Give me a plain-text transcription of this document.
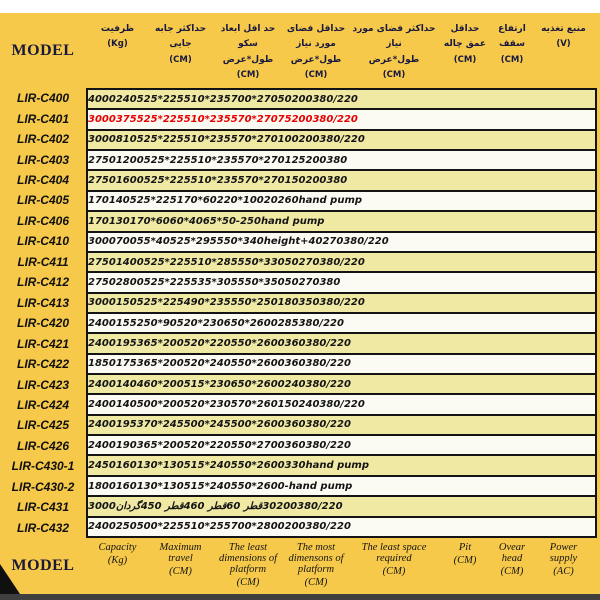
MODEL
ظرفیت
(Kg)
حداکثر جابه جایی
(CM)
حد اقل ابعاد سکو
طول*عرض
(CM)
حداقل فضای مورد نیاز
طول*عرض
(CM)
حداکثر فضای مورد نیاز
طول*عرض
(CM)
حداقل عمق چاله
(CM)
ارتفاع سقف
(CM)
منبع تغذیه
(V)
LIR-C400
LIR-C401
LIR-C402
LIR-C403
LIR-C404
LIR-C405
LIR-C406
LIR-C410
LIR-C411
LIR-C412
LIR-C413
LIR-C420
LIR-C421
LIR-C422
LIR-C423
LIR-C424
LIR-C425
LIR-C426
LIR-C430-1
LIR-C430-2
LIR-C431
LIR-C432
4000 240 525*225 510*235 700*270 50 200 380/220
3000 375 525*225 510*235 570*270 75 200 380/220
3000 810 525*225 510*235 570*270 100 200 380/220
2750 1200 525*225 510*235 570*270 125 200 380
2750 1600 525*225 510*235 570*270 150 200 380
170 140 525*225 170*60 220*100 20 260 hand pump
170 130 170*60 60*40 65*50 - 250 hand pump
3000 700 55*40 525*295 550*340 height+40 270 380/220
2750 1400 525*225 510*285 550*330 50 270 380/220
2750 2800 525*225 535*305 550*350 50 270 380
3000 150 525*225 490*235 550*250 180 350 380/220
2400 155 250*90 520*230 650*260 0 285 380/220
2400 195 365*200 520*220 550*260 0 360 380/220
1850 175 365*200 520*240 550*260 0 360 380/220
2400 140 460*200 515*230 650*260 0 240 380/220
2400 140 500*200 520*230 570*260 150 240 380/220
2400 195 370*245 500*245 500*260 0 360 380/220
2400 190 365*200 520*220 550*270 0 360 380/220
2450 160 130*130 515*240 550*260 0 330 hand pump
1800 160 130*130 515*240 550*260 0 - hand pump
3000 گردان قطر 450 قطر 460 قطر 60 30 200 380/220
2400 250 500*225 510*255 700*280 0 200 380/220
MODEL
Capacity
(Kg)
Maximum travel
(CM)
The least dimensions of platform
(CM)
The most dimensons of platform
(CM)
The least space required
(CM)
Pit
(CM)
Ovear head
(CM)
Power supply
(AC)
